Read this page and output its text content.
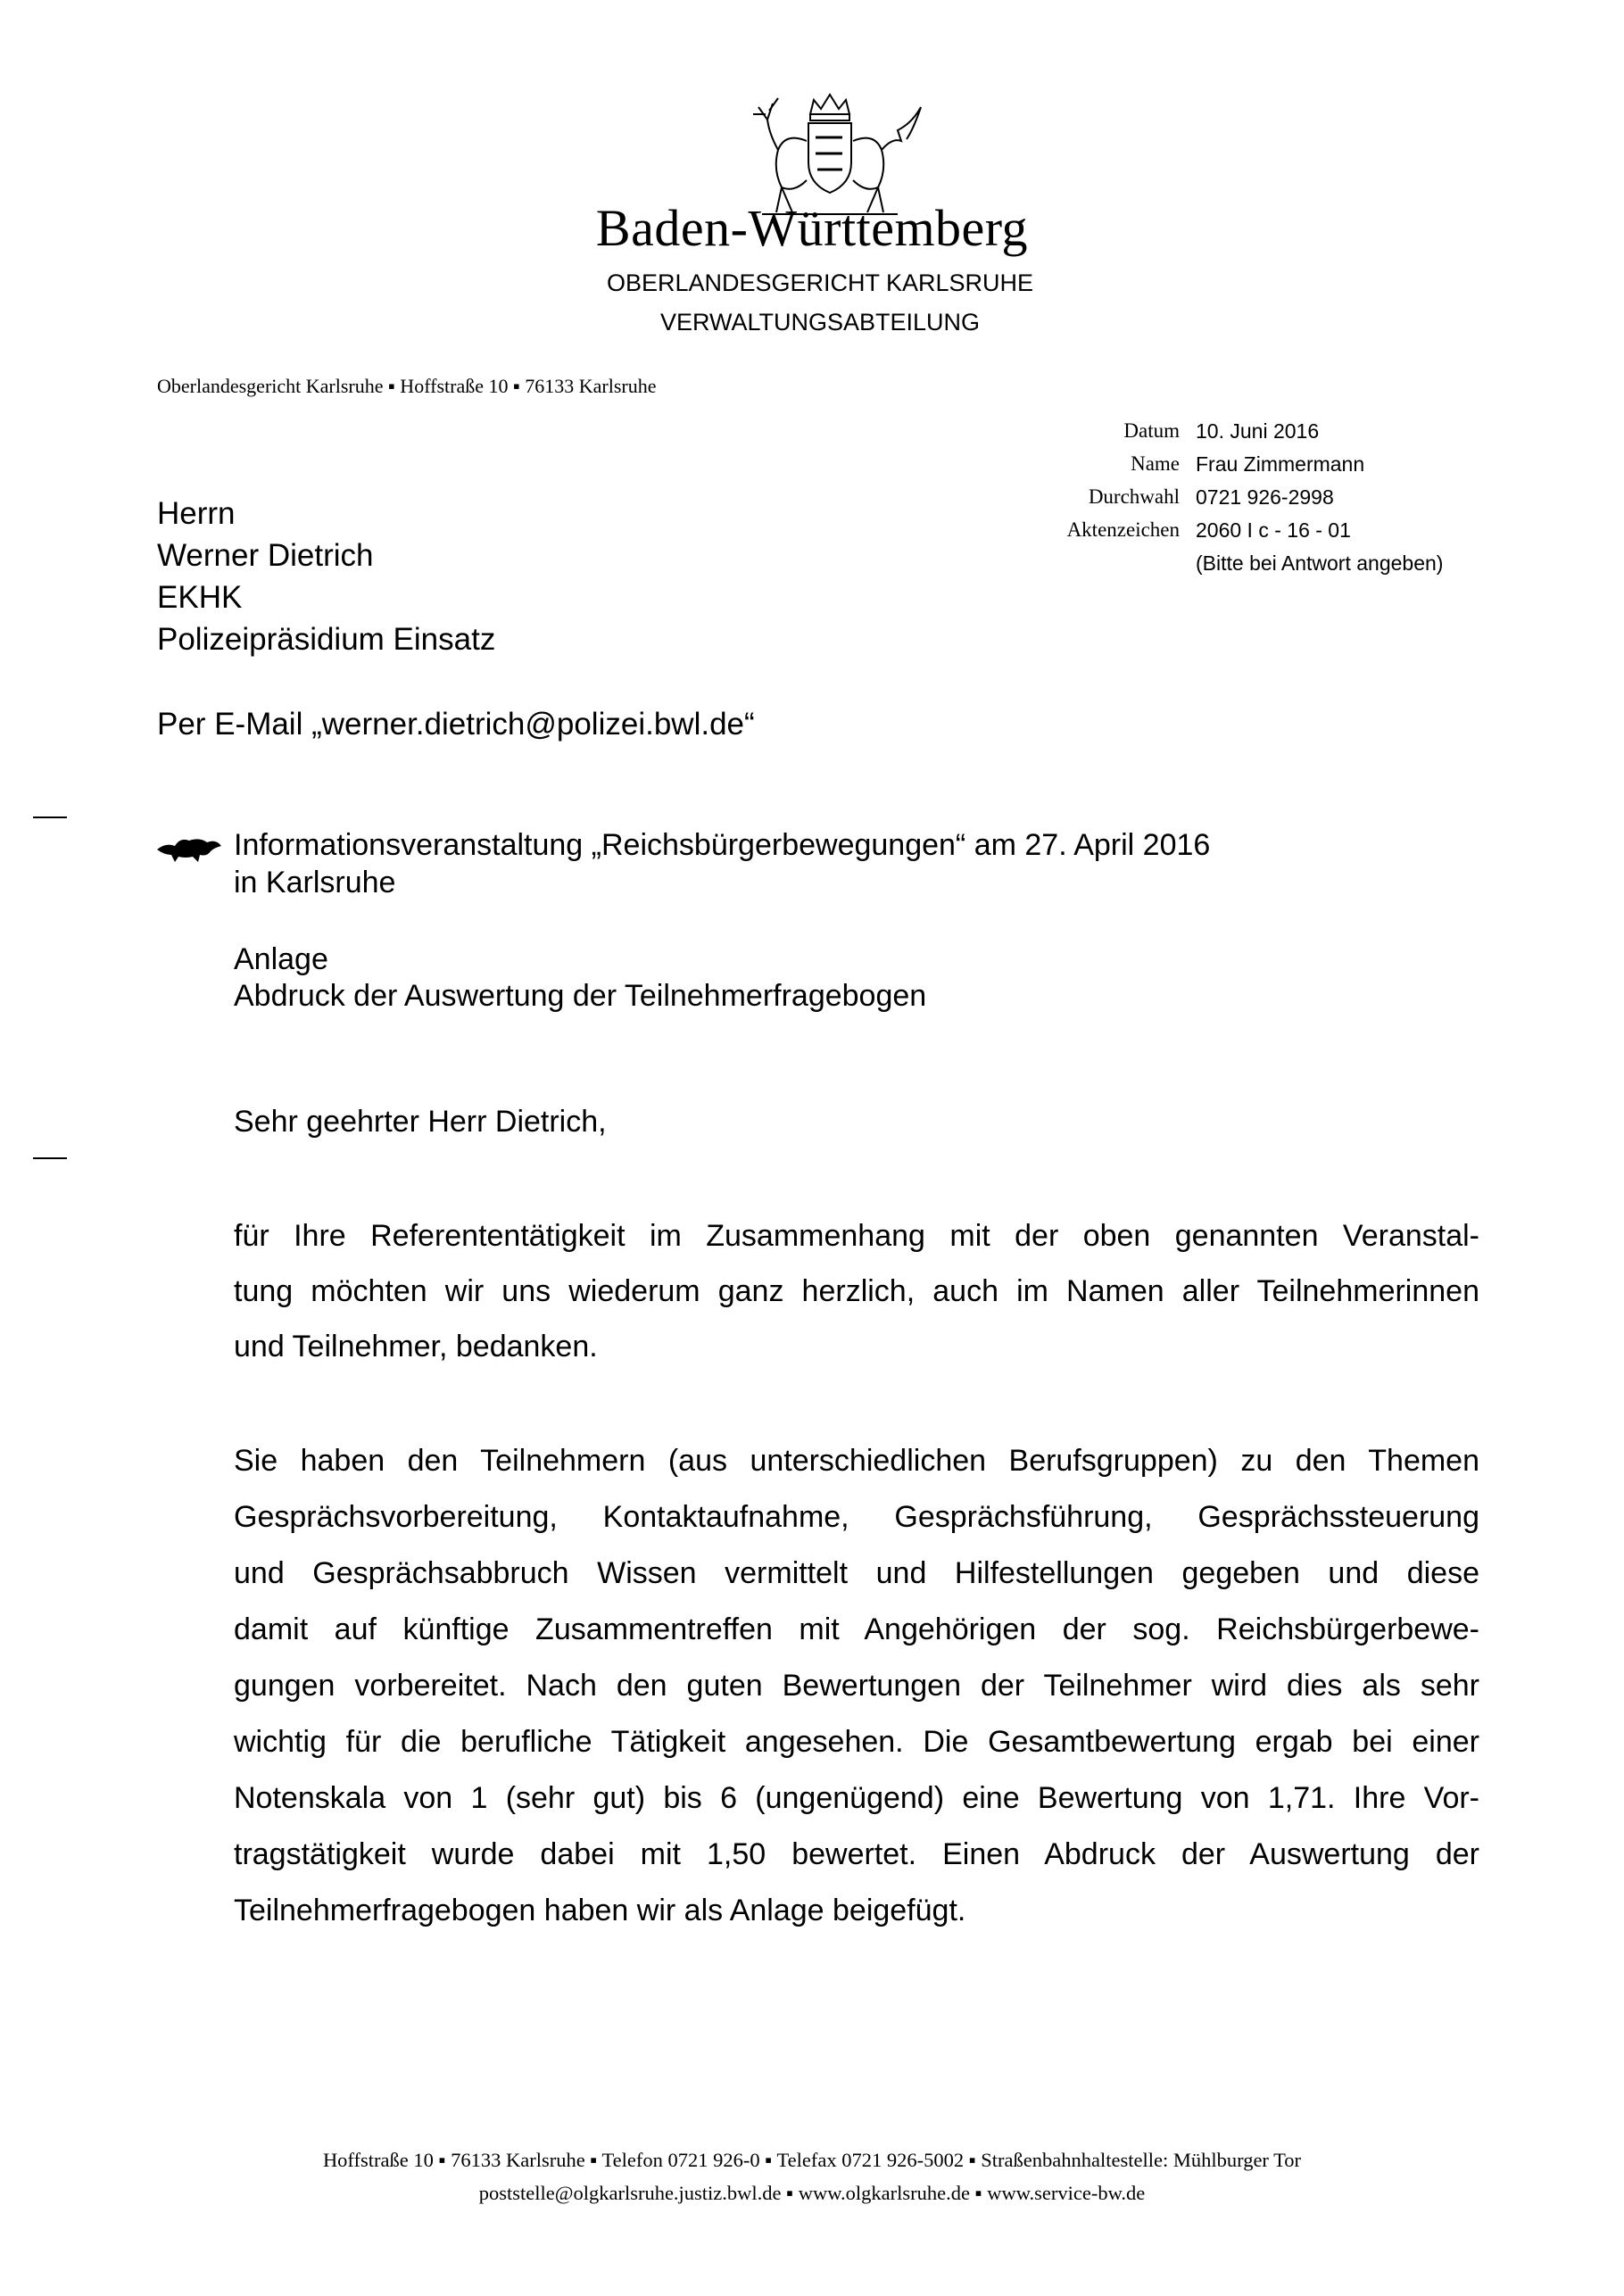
Baden-Württemberg
OBERLANDESGERICHT KARLSRUHE
VERWALTUNGSABTEILUNG
Oberlandesgericht Karlsruhe ▪ Hoffstraße 10 ▪ 76133 Karlsruhe
Datum 10. Juni 2016
Name Frau Zimmermann
Durchwahl 0721 926-2998
Aktenzeichen 2060 I c - 16 - 01
(Bitte bei Antwort angeben)
Herrn
Werner Dietrich
EKHK
Polizeipräsidium Einsatz
Per E-Mail „werner.dietrich@polizei.bwl.de“
Informationsveranstaltung „Reichsbürgerbewegungen“ am 27. April 2016
in Karlsruhe
Anlage
Abdruck der Auswertung der Teilnehmerfragebogen
Sehr geehrter Herr Dietrich,
für Ihre Referententätigkeit im Zusammenhang mit der oben genannten Veranstal-
tung möchten wir uns wiederum ganz herzlich, auch im Namen aller Teilnehmerinnen
und Teilnehmer, bedanken.
Sie haben den Teilnehmern (aus unterschiedlichen Berufsgruppen) zu den Themen
Gesprächsvorbereitung, Kontaktaufnahme, Gesprächsführung, Gesprächssteuerung
und Gesprächsabbruch Wissen vermittelt und Hilfestellungen gegeben und diese
damit auf künftige Zusammentreffen mit Angehörigen der sog. Reichsbürgerbewe-
gungen vorbereitet. Nach den guten Bewertungen der Teilnehmer wird dies als sehr
wichtig für die berufliche Tätigkeit angesehen. Die Gesamtbewertung ergab bei einer
Notenskala von 1 (sehr gut) bis 6 (ungenügend) eine Bewertung von 1,71. Ihre Vor-
tragstätigkeit wurde dabei mit 1,50 bewertet. Einen Abdruck der Auswertung der
Teilnehmerfragebogen haben wir als Anlage beigefügt.
Hoffstraße 10 ▪ 76133 Karlsruhe ▪ Telefon 0721 926-0 ▪ Telefax 0721 926-5002 ▪ Straßenbahnhaltestelle: Mühlburger Tor
poststelle@olgkarlsruhe.justiz.bwl.de ▪ www.olgkarlsruhe.de ▪ www.service-bw.de
